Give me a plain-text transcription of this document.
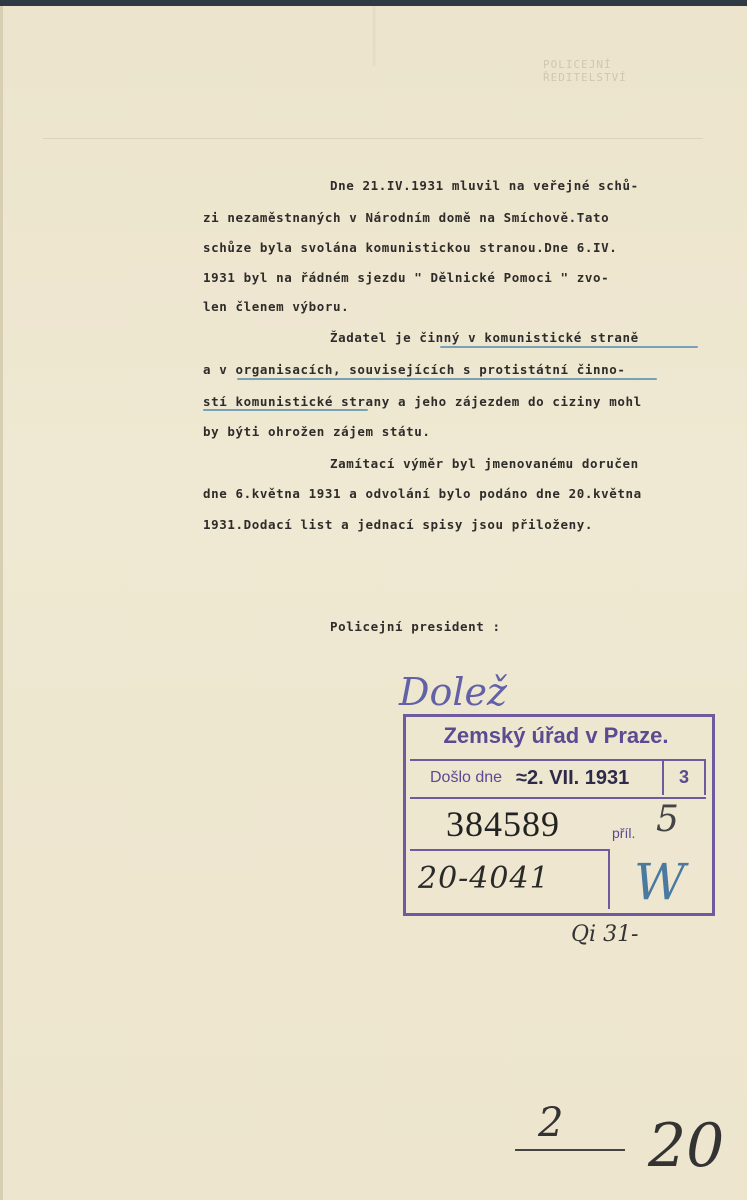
POLICEJNÍ ŘEDITELSTVÍ
Dne 21.IV.1931 mluvil na veřejné schů-
zi nezaměstnaných v Národním domě na Smíchově.Tato
schůze byla svolána komunistickou stranou.Dne 6.IV.
1931 byl na řádném sjezdu " Dělnické Pomoci " zvo-
len členem výboru.
Žadatel je činný v komunistické straně
a v organisacích, souvisejících s protistátní činno-
stí komunistické strany a jeho zájezdem do ciziny mohl
by býti ohrožen zájem státu.
Zamítací výměr byl jmenovanému doručen
dne 6.května 1931 a odvolání bylo podáno dne 20.května
1931.Dodací list a jednací spisy jsou přiloženy.
Policejní president :
Dolež
Zemský úřad v Praze.
Došlo dne ≈2. VII. 1931	3
384589	příl. 5
20-4041 W
Qi 31-
2 20
